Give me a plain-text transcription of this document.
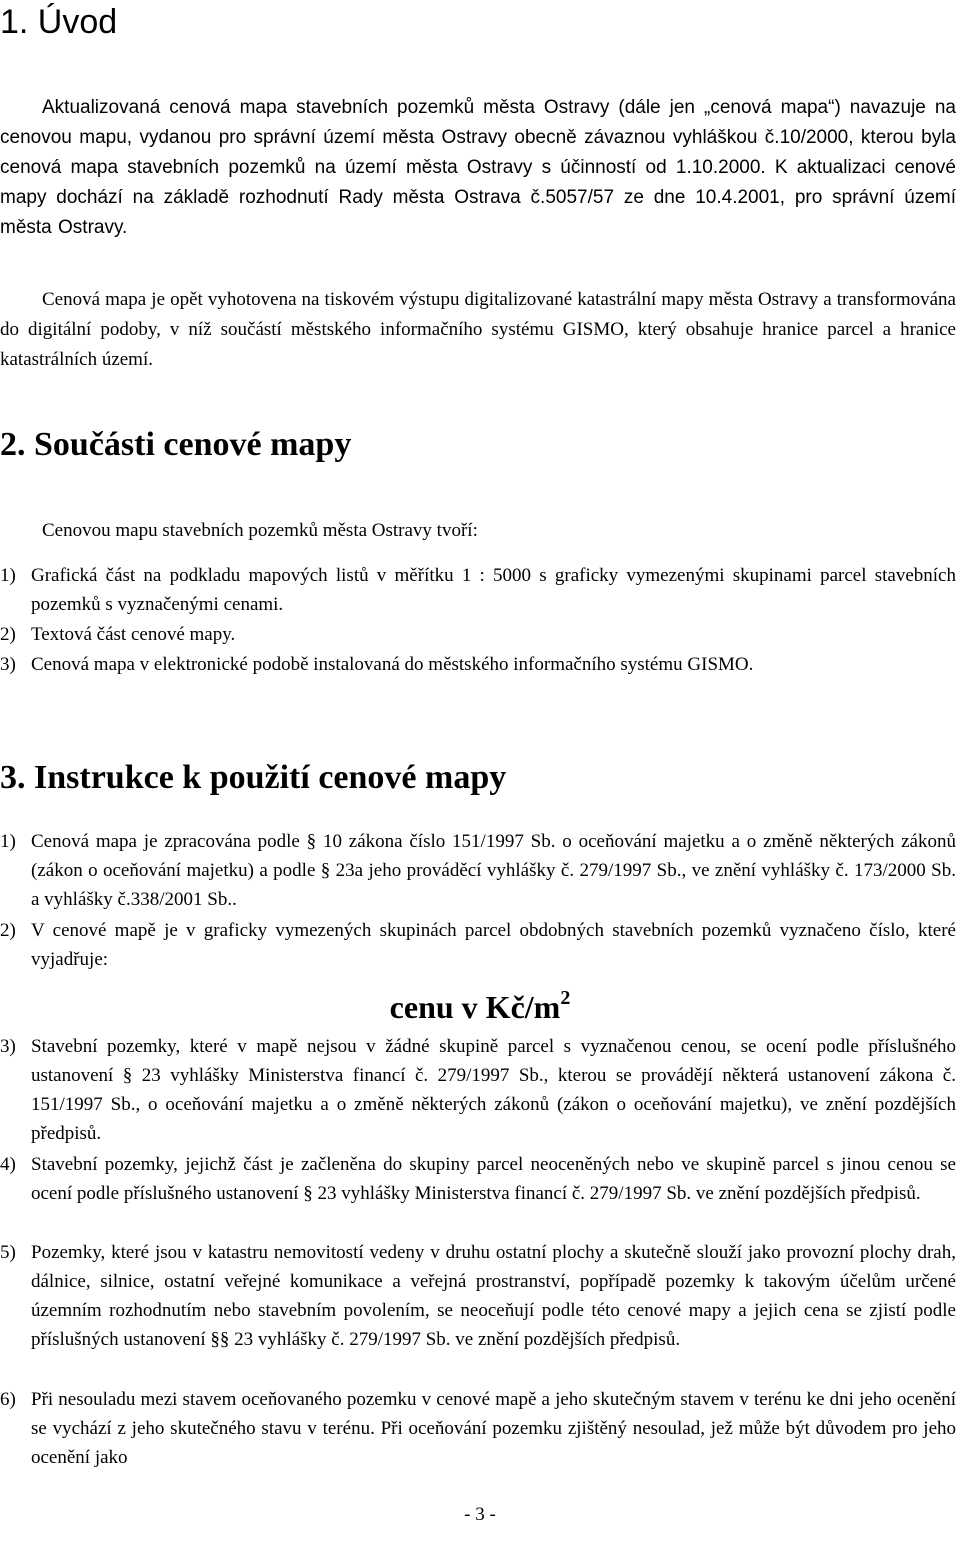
1. Úvod

Aktualizovaná cenová mapa stavebních pozemků města Ostravy (dále jen „cenová mapa“) navazuje na cenovou mapu, vydanou pro správní území města Ostravy obecně závaznou vyhláškou č.10/2000, kterou byla cenová mapa stavebních pozemků na území města Ostravy s účinností od 1.10.2000. K aktualizaci cenové mapy dochází na základě rozhodnutí Rady města Ostrava č.5057/57 ze dne 10.4.2001, pro správní území města Ostravy.

Cenová mapa je opět vyhotovena na tiskovém výstupu digitalizované katastrální mapy města Ostravy a transformována do digitální podoby, v níž součástí městského informačního systému GISMO, který obsahuje hranice parcel a hranice katastrálních území.

2. Součásti cenové mapy

Cenovou mapu stavebních pozemků města Ostravy tvoří:

1) Grafická část na podkladu mapových listů v měřítku 1 : 5000 s graficky vymezenými skupinami parcel stavebních pozemků s vyznačenými cenami.
2) Textová část cenové mapy.
3) Cenová mapa v elektronické podobě instalovaná do městského informačního systému GISMO.
3. Instrukce k použití cenové mapy
1) Cenová mapa je zpracována podle § 10 zákona číslo 151/1997 Sb. o oceňování majetku a o změně některých zákonů (zákon o oceňování majetku) a podle § 23a jeho prováděcí vyhlášky č. 279/1997 Sb., ve znění vyhlášky č. 173/2000 Sb. a vyhlášky č.338/2001 Sb..
2) V cenové mapě je v graficky vymezených skupinách parcel obdobných stavebních pozemků vyznačeno číslo, které vyjadřuje:

cenu v $Kč/m^2$

3) Stavební pozemky, které v mapě nejsou v žádné skupině parcel s vyznačenou cenou, se ocení podle příslušného ustanovení § 23 vyhlášky Ministerstva financí č. 279/1997 Sb., kterou se provádějí některá ustanovení zákona č. 151/1997 Sb., o oceňování majetku a o změně některých zákonů (zákon o oceňování majetku), ve znění pozdějších předpisů.
4) Stavební pozemky, jejichž část je začleněna do skupiny parcel neoceněných nebo ve skupině parcel s jinou cenou se ocení podle příslušného ustanovení § 23 vyhlášky Ministerstva financí č. 279/1997 Sb. ve znění pozdějších předpisů.
5) Pozemky, které jsou v katastru nemovitostí vedeny v druhu ostatní plochy a skutečně slouží jako provozní plochy drah, dálnice, silnice, ostatní veřejné komunikace a veřejná prostranství, popřípadě pozemky k takovým účelům určené územním rozhodnutím nebo stavebním povolením, se neoceňují podle této cenové mapy a jejich cena se zjistí podle příslušných ustanovení §§ 23 vyhlášky č. 279/1997 Sb. ve znění pozdějších předpisů.
6) Při nesouladu mezi stavem oceňovaného pozemku v cenové mapě a jeho skutečným stavem v terénu ke dni jeho ocenění se vychází z jeho skutečného stavu v terénu. Při oceňování pozemku zjištěný nesoulad, jež může být důvodem pro jeho ocenění jako

- 3 -
